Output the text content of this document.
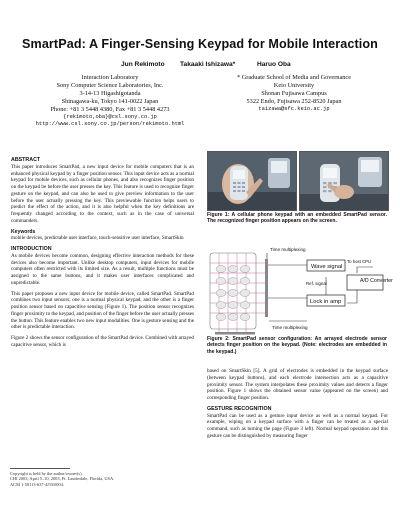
SmartPad: A Finger-Sensing Keypad for Mobile Interaction
Jun Rekimoto Takaaki Ishizawa*	Haruo Oba
Interaction Laboratory
Sony Computer Science Laboratories, Inc.
3-14-13 Higashigotanda
Shinagawa-ku, Tokyo 141-0022 Japan
Phone: +81 3 5448 4380, Fax +81 3 5448 4273
{rekimoto,oba}@csl.sony.co.jp
http://www.csl.sony.co.jp/person/rekimoto.html
* Graduate School of Media and Governance
Keio University
Shonan Fujisawa Campus
5322 Endo, Fujisawa 252-8520 Japan
taizawa@sfc.keio.ac.jp
ABSTRACT

This paper introduces SmartPad, a new input device for mobile computers that is an enhanced physical keypad by a finger position sensor. This input device acts as a normal keypad for mobile devices, such as cellular phones, and also recognizes finger position on the keypad be before the user presses the key. This feature is used to recognize finger gesture on the keypad, and can also be used to give preview information to the user before the user actually pressing the key. This previewable function helps users to predict the effect of the action, and it is also helpful when the key definitions are frequently changed according to the context, such as in the case of universal commanders.

Keywords

mobile devices, predictable user interface, touch-sensitive user interface, SmartSkin

INTRODUCTION

As mobile devices become common, designing effective interaction methods for these devices also become important. Unlike desktop computers, input devices for mobile computers often restricted with its limited size. As a result, multiple functions must be assigned to the same buttons, and it makes user interfaces complicated and unpredictable.

This paper proposes a new input device for mobile device, called SmartPad. SmartPad combines two input sensors; one is a normal physical keypad, and the other is a finger position sensor based on capacitive sensing (Figure 1). The position sensor recognizes finger proximity to the keypad, and position of the finger before the user actually presses the button. This feature enables two new input modalities. One is gesture sensing and the other is predictable interaction.

Figure 2 shows the sensor configuration of the SmartPad device. Combined with arrayed capacitive sensor, which is

Copyright is held by the author/owner(s).
CHI 2003, April 5–10, 2003, Ft. Lauderdale, Florida, USA.
ACM 1-58113-637-4/03/0004.
Figure 1: A cellular phone keypad with an embedded SmartPad sensor. The recognized finger position appears on the screen.
Time multiplexing
To host CPU
Wave signal
Ref. signal	A/D Converter
Lock in amp
Time multiplexing
Figure 2: SmartPad sensor configuration: An arrayed electrode sensor detects finger position on the keypad. (Note: electrodes are embedded in the keypad.)

based on SmartSkin [5]. A grid of electrodes is embedded in the keypad surface (between keypad buttons), and each electrode intersection acts as a capacitive proximity sensor. The system interpolates these proximity values and detects a finger position. Figure 1 shows the obtained sensor value (appeared on the screen) and corresponding finger position.

GESTURE RECOGNITION

SmartPad can be used as a gesture input device as well as a normal keypad. For example, wiping on a keypad surface with a finger can be treated as a special command, such as turning the page (Figure 3 left). Normal keypad operation and this gesture can be distinguished by measuring finger
